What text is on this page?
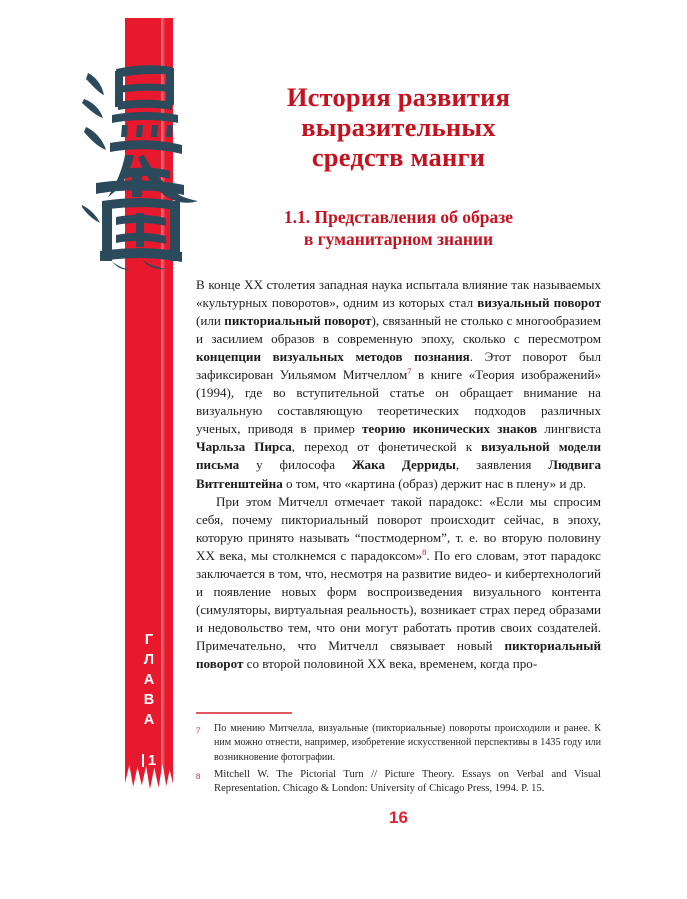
Г
Л
А
В
А
1
История развития
выразительных
средств манги
1.1. Представления об образе
в гуманитарном знании

В конце XX столетия западная наука испытала влияние так называемых «культурных поворотов», одним из которых стал визуальный поворот (или пикториальный поворот), связанный не столько с многообразием и засилием образов в современную эпоху, сколько с пересмотром концепции визуальных методов познания. Этот поворот был зафиксирован Уильямом Митчеллом$^7$ в книге «Теория изображений» (1994), где во вступительной статье он обращает внимание на визуальную составляющую теоретических подходов различных ученых, приводя в пример теорию иконических знаков лингвиста Чарльза Пирса, переход от фонетической к визуальной модели письма у философа Жака Дерриды, заявления Людвига Витгенштейна о том, что «картина (образ) держит нас в плену» и др.

При этом Митчелл отмечает такой парадокс: «Если мы спросим себя, почему пикториальный поворот происходит сейчас, в эпоху, которую принято называть “постмодерном”, т. е. во вторую половину XX века, мы столкнемся с парадоксом»$^8$. По его словам, этот парадокс заключается в том, что, несмотря на развитие видео- и кибертехнологий и появление новых форм воспроизведения визуального контента (симуляторы, виртуальная реальность), возникает страх перед образами и недовольство тем, что они могут работать против своих создателей. Примечательно, что Митчелл связывает новый пикториальный поворот со второй половиной XX века, временем, когда про-

7	По мнению Митчелла, визуальные (пикториальные) повороты происходили и ранее. К ним можно отнести, например, изобретение искусственной перспективы в 1435 году или возникновение фотографии.
8	Mitchell W. The Pictorial Turn // Picture Theory. Essays on Verbal and Visual Representation. Chicago & London: University of Chicago Press, 1994. P. 15.
16
